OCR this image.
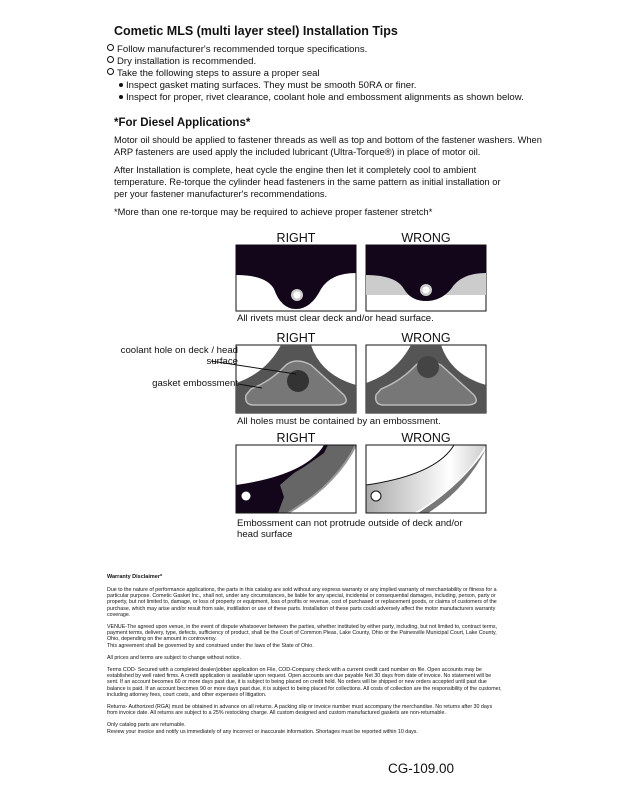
Cometic MLS (multi layer steel) Installation Tips
Follow manufacturer's recommended torque specifications.
Dry installation is recommended.
Take the following steps to assure a proper seal
Inspect gasket mating surfaces. They must be smooth 50RA or finer.
Inspect for proper, rivet clearance, coolant hole and embossment alignments as shown below.
*For Diesel Applications*
Motor oil should be applied to fastener threads as well as top and bottom of the fastener washers. When ARP fasteners are used apply the included lubricant (Ultra-Torque®) in place of motor oil.
After Installation is complete, heat cycle the engine then let it completely cool to ambient temperature. Re-torque the cylinder head fasteners in the same pattern as initial installation or per your fastener manufacturer's recommendations.
*More than one re-torque may be required to achieve proper fastener stretch*
RIGHT	WRONG
All rivets must clear deck and/or head surface.
RIGHT	WRONG
coolant hole on deck / head surface
gasket embossment
All holes must be contained by an embossment.
RIGHT	WRONG
Embossment can not protrude outside of deck and/or head surface
Warranty Disclaimer*

Due to the nature of performance applications, the parts in this catalog are sold without any express warranty or any implied warranty of merchantability or fitness for a particular purpose. Cometic Gasket Inc., shall not, under any circumstances, be liable for any special, incidental or consequential damages, including, person, party or property, but not limited to, damage, or loss of property or equipment, loss of profits or revenue, cost of purchased or replacement goods, or claims of customers of the purchase, which may arise and/or result from sale, instillation or use of these parts. Installation of these parts could adversely affect the motor manufacturers warranty coverage.

VENUE-The agreed upon venue, in the event of dispute whatsoever between the parties, whether instituted by either party, including, but not limited to, contract terms, payment terms, delivery, type, defects, sufficiency of product, shall be the Court of Common Pleas, Lake County, Ohio or the Painesville Municipal Court, Lake County, Ohio, depending on the amount in controversy.
This agreement shall be governed by and construed under the laws of the State of Ohio.

All prices and terms are subject to change without notice.

Terms COD- Secured with a completed dealer/jobber application on File, COD-Company check with a current credit card number on file. Open accounts may be established by well rated firms. A credit application is available upon request. Open accounts are due payable Net 30 days from date of invoice. No statement will be sent. If an account becomes 60 or more days past due, it is subject to being placed on credit hold. No orders will be shipped or new orders accepted until past due balance is paid. If an account becomes 90 or more days past due, it is subject to being placed for collections. All costs of collection are the responsibility of the customer, including attorney fees, court costs, and other expenses of litigation.

Returns- Authorized (RGA) must be obtained in advance on all returns. A packing slip or invoice number must accompany the merchandise. No returns after 30 days from invoice date. All returns are subject to a 25% restocking charge. All custom designed and custom manufactured gaskets are non-returnable.

Only catalog parts are returnable.
Review your invoice and notify us immediately of any incorrect or inaccurate information. Shortages must be reported within 10 days.

CG-109.00
